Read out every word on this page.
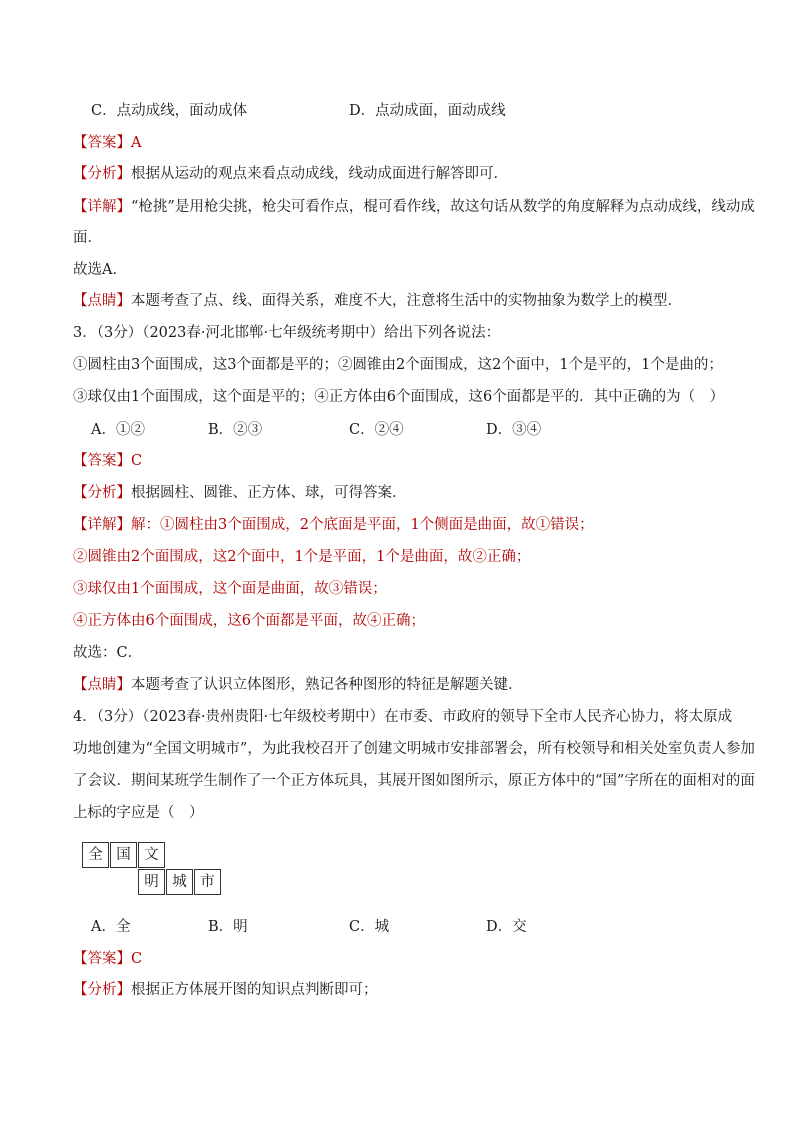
C．点动成线，面动成体	D．点动成面，面动成线
【答案】A
【分析】根据从运动的观点来看点动成线，线动成面进行解答即可．
【详解】“枪挑”是用枪尖挑，枪尖可看作点，棍可看作线，故这句话从数学的角度解释为点动成线，线动成
面．
故选A．
【点睛】本题考查了点、线、面得关系，难度不大，注意将生活中的实物抽象为数学上的模型．
3．（3分）（2023春·河北邯郸·七年级统考期中）给出下列各说法：
①圆柱由3个面围成，这3个面都是平的；②圆锥由2个面围成，这2个面中，1个是平的，1个是曲的；
③球仅由1个面围成，这个面是平的；④正方体由6个面围成，这6个面都是平的．其中正确的为（　）
A．①②	B．②③	C．②④	D．③④
【答案】C
【分析】根据圆柱、圆锥、正方体、球，可得答案．
【详解】解：①圆柱由3个面围成，2个底面是平面，1个侧面是曲面，故①错误；
②圆锥由2个面围成，这2个面中，1个是平面，1个是曲面，故②正确；
③球仅由1个面围成，这个面是曲面，故③错误；
④正方体由6个面围成，这6个面都是平面，故④正确；
故选：C．
【点睛】本题考查了认识立体图形，熟记各种图形的特征是解题关键．
4．（3分）（2023春·贵州贵阳·七年级校考期中）在市委、市政府的领导下全市人民齐心协力，将太原成
功地创建为“全国文明城市”，为此我校召开了创建文明城市安排部署会，所有校领导和相关处室负责人参加
了会议．期间某班学生制作了一个正方体玩具，其展开图如图所示，原正方体中的“国”字所在的面相对的面
上标的字应是（　）
全 国 文
明 城 市
A．全	B．明	C．城	D．交
【答案】C
【分析】根据正方体展开图的知识点判断即可；
